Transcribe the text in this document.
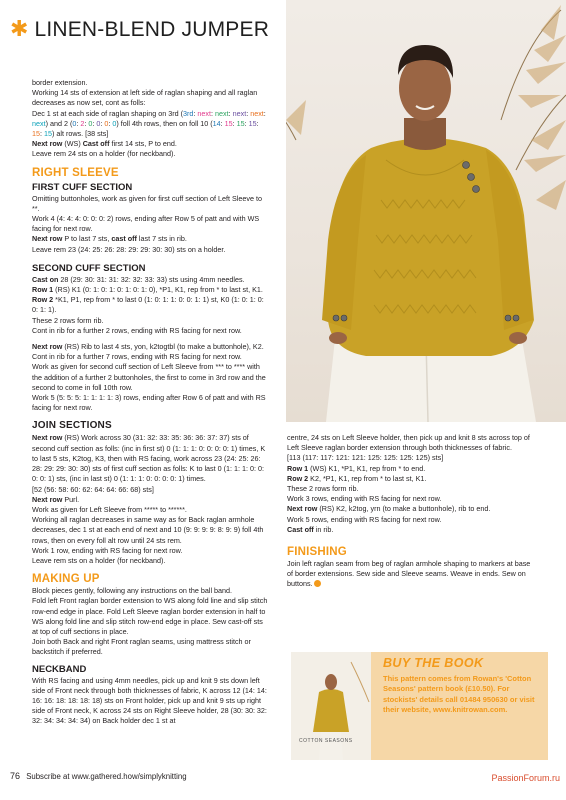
✱ LINEN-BLEND JUMPER

border extension.

Working 14 sts of extension at left side of raglan shaping and all raglan decreases as now set, cont as folls:

Dec 1 st at each side of raglan shaping on 3rd (3rd: next: next: next: next: next) and 2 (0: 2: 0: 0: 0: 0) foll 4th rows, then on foll 10 (14: 15: 15: 15: 15: 15) alt rows. [38 sts]

Next row (WS) Cast off first 14 sts, P to end.

Leave rem 24 sts on a holder (for neckband).

RIGHT SLEEVE
FIRST CUFF SECTION

Omitting buttonholes, work as given for first cuff section of Left Sleeve to **.

Work 4 (4: 4: 4: 0: 0: 0: 2) rows, ending after Row 5 of patt and with WS facing for next row.

Next row P to last 7 sts, cast off last 7 sts in rib.

Leave rem 23 (24: 25: 26: 28: 29: 29: 30: 30) sts on a holder.

SECOND CUFF SECTION

Cast on 28 (29: 30: 31: 31: 32: 32: 33: 33) sts using 4mm needles.

Row 1 (RS) K1 (0: 1: 0: 1: 0: 1: 0: 1: 0), *P1, K1, rep from * to last st, K1.

Row 2 *K1, P1, rep from * to last 0 (1: 0: 1: 1: 0: 0: 1: 1) st, K0 (1: 0: 1: 0: 0: 1: 1).

These 2 rows form rib.

Cont in rib for a further 2 rows, ending with RS facing for next row.

Next row (RS) Rib to last 4 sts, yon, k2togtbl (to make a buttonhole), K2.

Cont in rib for a further 7 rows, ending with RS facing for next row.

Work as given for second cuff section of Left Sleeve from *** to **** with the addition of a further 2 buttonholes, the first to come in 3rd row and the second to come in foll 10th row.

Work 5 (5: 5: 5: 1: 1: 1: 1: 3) rows, ending after Row 6 of patt and with RS facing for next row.

JOIN SECTIONS

Next row (RS) Work across 30 (31: 32: 33: 35: 36: 36: 37: 37) sts of second cuff section as folls: (inc in first st) 0 (1: 1: 1: 0: 0: 0: 0: 1) times, K to last 5 sts, K2tog, K3, then with RS facing, work across 23 (24: 25: 26: 28: 29: 29: 30: 30) sts of first cuff section as folls: K to last 0 (1: 1: 1: 0: 0: 0: 0: 1) sts, (inc in last st) 0 (1: 1: 1: 0: 0: 0: 0: 1) times.

[52 (56: 58: 60: 62: 64: 64: 66: 68) sts]

Next row Purl.

Work as given for Left Sleeve from ***** to ******.

Working all raglan decreases in same way as for Back raglan armhole decreases, dec 1 st at each end of next and 10 (9: 9: 9: 9: 8: 9: 9) foll 4th rows, then on every foll alt row until 24 sts rem.

Work 1 row, ending with RS facing for next row.

Leave rem sts on a holder (for neckband).

MAKING UP

Block pieces gently, following any instructions on the ball band.

Fold left Front raglan border extension to WS along fold line and slip stitch row-end edge in place. Fold Left Sleeve raglan border extension in half to WS along fold line and slip stitch row-end edge in place. Sew cast-off sts at top of cuff sections in place.

Join both Back and right Front raglan seams, using mattress stitch or backstitch if preferred.

NECKBAND

With RS facing and using 4mm needles, pick up and knit 9 sts down left side of Front neck through both thicknesses of fabric, K across 12 (14: 14: 16: 16: 18: 18: 18: 18) sts on Front holder, pick up and knit 9 sts up right side of Front neck, K across 24 sts on Right Sleeve holder, 28 (30: 30: 32: 32: 34: 34: 34: 34) on Back holder dec 1 st at

centre, 24 sts on Left Sleeve holder, then pick up and knit 8 sts across top of Left Sleeve raglan border extension through both thicknesses of fabric.

[113 (117: 117: 121: 121: 125: 125: 125: 125) sts]

Row 1 (WS) K1, *P1, K1, rep from * to end.

Row 2 K2, *P1, K1, rep from * to last st, K1.

These 2 rows form rib.

Work 3 rows, ending with RS facing for next row.

Next row (RS) K2, k2tog, yrn (to make a buttonhole), rib to end.

Work 5 rows, ending with RS facing for next row.

Cast off in rib.

FINISHING

Join left raglan seam from beg of raglan armhole shaping to markers at base of border extensions. Sew side and Sleeve seams. Weave in ends. Sew on buttons.

COTTON SEASONS
BUY THE BOOK
This pattern comes from Rowan's 'Cotton Seasons' pattern book (£10.50). For stockists' details call 01484 950630 or visit their website, www.knitrowan.com.
76 Subscribe at www.gathered.how/simplyknitting	PassionForum.ru
